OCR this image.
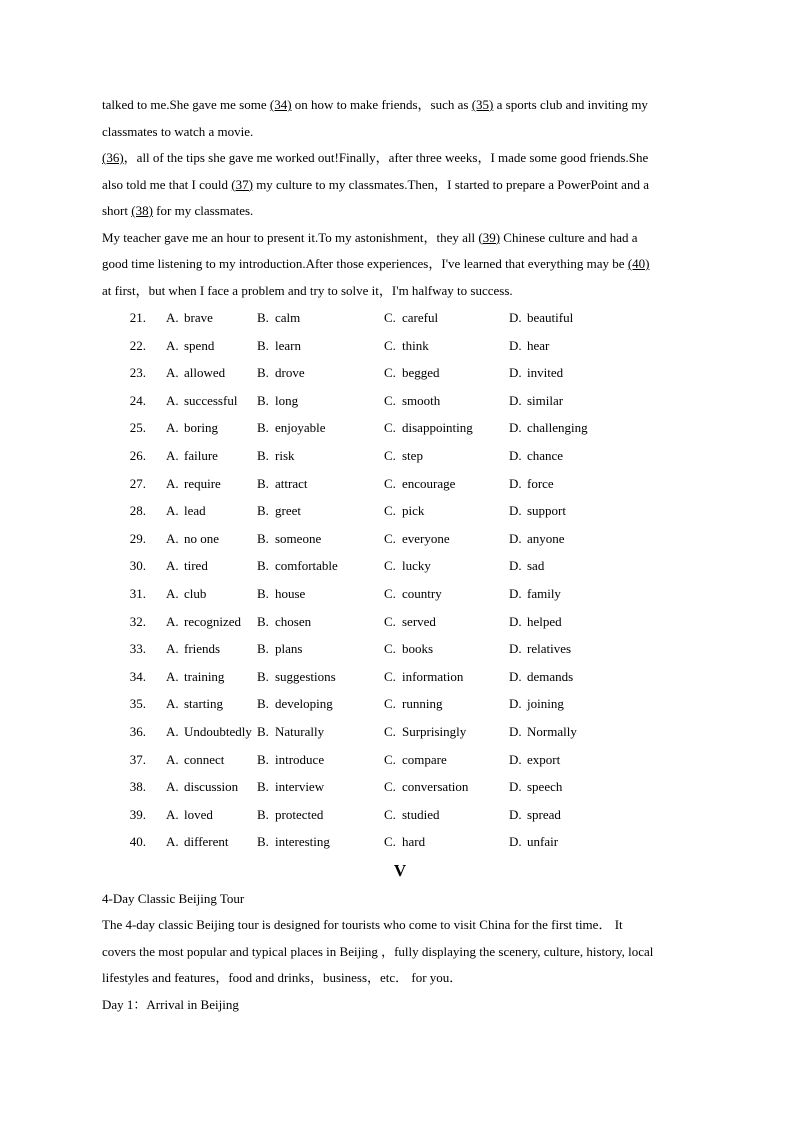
talked to me.She gave me some (34) on how to make friends，such as (35) a sports club and inviting my

classmates to watch a movie.

(36)，all of the tips she gave me worked out!Finally，after three weeks，I made some good friends.She

also told me that I could (37) my culture to my classmates.Then，I started to prepare a PowerPoint and a

short (38) for my classmates.

My teacher gave me an hour to present it.To my astonishment，they all (39) Chinese culture and had a

good time listening to my introduction.After those experiences，I've learned that everything may be (40)

at first，but when I face a problem and try to solve it，I'm halfway to success.

21. A. brave	B. calm	C. careful	D. beautiful
22. A. spend	B. learn	C. think	D. hear
23. A. allowed	B. drove	C. begged	D. invited
24. A. successful	B. long	C. smooth	D. similar
25. A. boring	B. enjoyable	C. disappointing	D. challenging
26. A. failure	B. risk	C. step	D. chance
27. A. require	B. attract	C. encourage	D. force
28. A. lead	B. greet	C. pick	D. support
29. A. no one	B. someone	C. everyone	D. anyone
30. A. tired	B. comfortable	C. lucky	D. sad
31. A. club	B. house	C. country	D. family
32. A. recognized	B. chosen	C. served	D. helped
33. A. friends	B. plans	C. books	D. relatives
34. A. training	B. suggestions	C. information	D. demands
35. A. starting	B. developing	C. running	D. joining
36. A. Undoubtedly B. Naturally	C. Surprisingly	D. Normally
37. A. connect	B. introduce	C. compare	D. export
38. A. discussion	B. interview	C. conversation	D. speech
39. A. loved	B. protected	C. studied	D. spread
40. A. different	B. interesting	C. hard	D. unfair
V

4-Day Classic Beijing Tour

The 4-day classic Beijing tour is designed for tourists who come to visit China for the first time． It

covers the most popular and typical places in Beijing ，fully displaying the scenery, culture, history, local

lifestyles and features，food and drinks，business，etc． for you．

Day 1：Arrival in Beijing
